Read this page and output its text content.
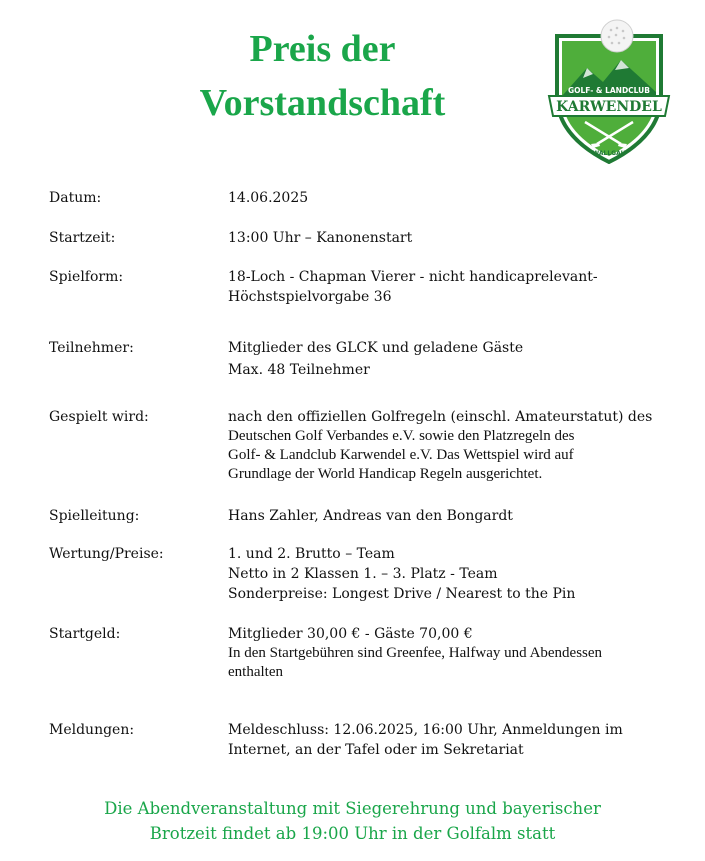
Preis der
Vorstandschaft	GOLF- & LANDCLUB
KARWENDEL
WALLGAU
Datum:	14.06.2025
Startzeit:	13:00 Uhr – Kanonenstart
Spielform:	18-Loch - Chapman Vierer - nicht handicaprelevant-
Höchstspielvorgabe 36
Teilnehmer:	Mitglieder des GLCK und geladene Gäste
Max. 48 Teilnehmer
Gespielt wird:	nach den offiziellen Golfregeln (einschl. Amateurstatut) des
Deutschen Golf Verbandes e.V. sowie den Platzregeln des
Golf- & Landclub Karwendel e.V. Das Wettspiel wird auf
Grundlage der World Handicap Regeln ausgerichtet.
Spielleitung:	Hans Zahler, Andreas van den Bongardt
Wertung/Preise:	1. und 2. Brutto – Team
Netto in 2 Klassen 1. – 3. Platz - Team
Sonderpreise: Longest Drive / Nearest to the Pin
Startgeld:	Mitglieder 30,00 € - Gäste 70,00 €
In den Startgebühren sind Greenfee, Halfway und Abendessen
enthalten
Meldungen:	Meldeschluss: 12.06.2025, 16:00 Uhr, Anmeldungen im
Internet, an der Tafel oder im Sekretariat
Die Abendveranstaltung mit Siegerehrung und bayerischer
Brotzeit findet ab 19:00 Uhr in der Golfalm statt
